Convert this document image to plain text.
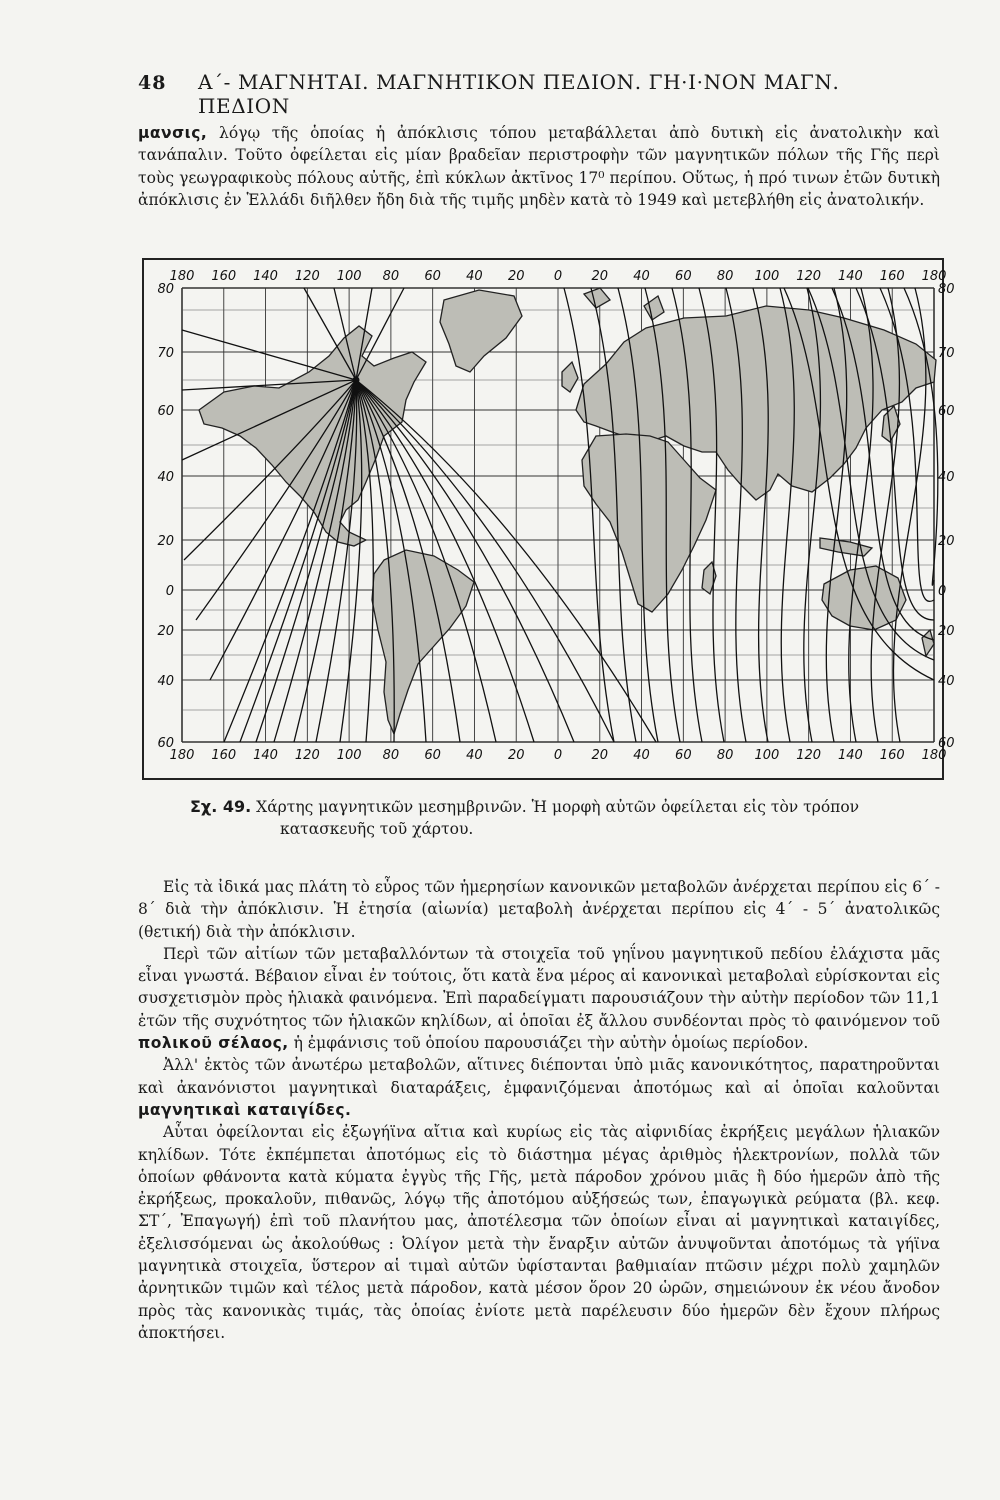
48 Α΄- ΜΑΓΝΗΤΑΙ. ΜΑΓΝΗΤΙΚΟΝ ΠΕΔΙΟΝ. ΓΗ·Ι·ΝΟΝ ΜΑΓΝ. ΠΕΔΙΟΝ

μανσις, λόγῳ τῆς ὁποίας ἡ ἀπόκλισις τόπου μεταβάλλεται ἀπὸ δυτικὴ εἰς ἀνατολικὴν καὶ τανάπαλιν. Τοῦτο ὀφείλεται εἰς μίαν βραδεῖαν περιστροφὴν τῶν μαγνητικῶν πόλων τῆς Γῆς περὶ τοὺς γεωγραφικοὺς πόλους αὐτῆς, ἐπὶ κύκλων ἀκτῖνος 17⁰ περίπου. Οὕτως, ἡ πρό τινων ἐτῶν δυτικὴ ἀπόκλισις ἐν Ἑλλάδι διῆλθεν ἤδη διὰ τῆς τιμῆς μηδὲν κατὰ τὸ 1949 καὶ μετεβλήθη εἰς ἀνατολικήν.

180 160 140 120 100 80 60 40 20 0 20 40 60 80 100 120 140 160 180
180 160 140 120 100 80 60 40 20 0 20 40 60 80 100 120 140 160 180
80
70
60
40
20
0
20
40
60
80
70
60
40
20
0
20
40
60
Σχ. 49. Χάρτης μαγνητικῶν μεσημβρινῶν. Ἡ μορφὴ αὐτῶν ὀφείλεται εἰς τὸν τρόπον
κατασκευῆς τοῦ χάρτου.

Εἰς τὰ ἰδικά μας πλάτη τὸ εὖρος τῶν ἡμερησίων κανονικῶν μεταβολῶν ἀνέρχεται περίπου εἰς 6΄ - 8΄ διὰ τὴν ἀπόκλισιν. Ἡ ἐτησία (αἰωνία) μεταβολὴ ἀνέρχεται περίπου εἰς 4΄ - 5΄ ἀνατολικῶς (θετική) διὰ τὴν ἀπόκλισιν.

Περὶ τῶν αἰτίων τῶν μεταβαλλόντων τὰ στοιχεῖα τοῦ γηΐνου μαγνητικοῦ πεδίου ἐλάχιστα μᾶς εἶναι γνωστά. Βέβαιον εἶναι ἐν τούτοις, ὅτι κατὰ ἕνα μέρος αἱ κανονικαὶ μεταβολαὶ εὑρίσκονται εἰς συσχετισμὸν πρὸς ἡλιακὰ φαινόμενα. Ἐπὶ παραδείγματι παρουσιάζουν τὴν αὐτὴν περίοδον τῶν 11,1 ἐτῶν τῆς συχνότητος τῶν ἡλιακῶν κηλίδων, αἱ ὁποῖαι ἐξ ἄλλου συνδέονται πρὸς τὸ φαινόμενον τοῦ πολικοῦ σέλαος, ἡ ἐμφάνισις τοῦ ὁποίου παρουσιάζει τὴν αὐτὴν ὁμοίως περίοδον.

Ἀλλ' ἐκτὸς τῶν ἀνωτέρω μεταβολῶν, αἵτινες διέπονται ὑπὸ μιᾶς κανονικότητος, παρατηροῦνται καὶ ἀκανόνιστοι μαγνητικαὶ διαταράξεις, ἐμφανιζόμεναι ἀποτόμως καὶ αἱ ὁποῖαι καλοῦνται μαγνητικαὶ καταιγίδες.

Αὗται ὀφείλονται εἰς ἐξωγήϊνα αἴτια καὶ κυρίως εἰς τὰς αἰφνιδίας ἐκρήξεις μεγάλων ἡλιακῶν κηλίδων. Τότε ἐκπέμπεται ἀποτόμως εἰς τὸ διάστημα μέγας ἀριθμὸς ἠλεκτρονίων, πολλὰ τῶν ὁποίων φθάνοντα κατὰ κύματα ἐγγὺς τῆς Γῆς, μετὰ πάροδον χρόνου μιᾶς ἢ δύο ἡμερῶν ἀπὸ τῆς ἐκρήξεως, προκαλοῦν, πιθανῶς, λόγῳ τῆς ἀποτόμου αὐξήσεώς των, ἐπαγωγικὰ ρεύματα (βλ. κεφ. ΣΤ΄, Ἐπαγωγή) ἐπὶ τοῦ πλανήτου μας, ἀποτέλεσμα τῶν ὁποίων εἶναι αἱ μαγνητικαὶ καταιγίδες, ἐξελισσόμεναι ὡς ἀκολούθως : Ὀλίγον μετὰ τὴν ἔναρξιν αὐτῶν ἀνυψοῦνται ἀποτόμως τὰ γήϊνα μαγνητικὰ στοιχεῖα, ὕστερον αἱ τιμαὶ αὐτῶν ὑφίστανται βαθμιαίαν πτῶσιν μέχρι πολὺ χαμηλῶν ἀρνητικῶν τιμῶν καὶ τέλος μετὰ πάροδον, κατὰ μέσον ὅρον 20 ὡρῶν, σημειώνουν ἐκ νέου ἄνοδον πρὸς τὰς κανονικὰς τιμάς, τὰς ὁποίας ἐνίοτε μετὰ παρέλευσιν δύο ἡμερῶν δὲν ἔχουν πλήρως ἀποκτήσει.
